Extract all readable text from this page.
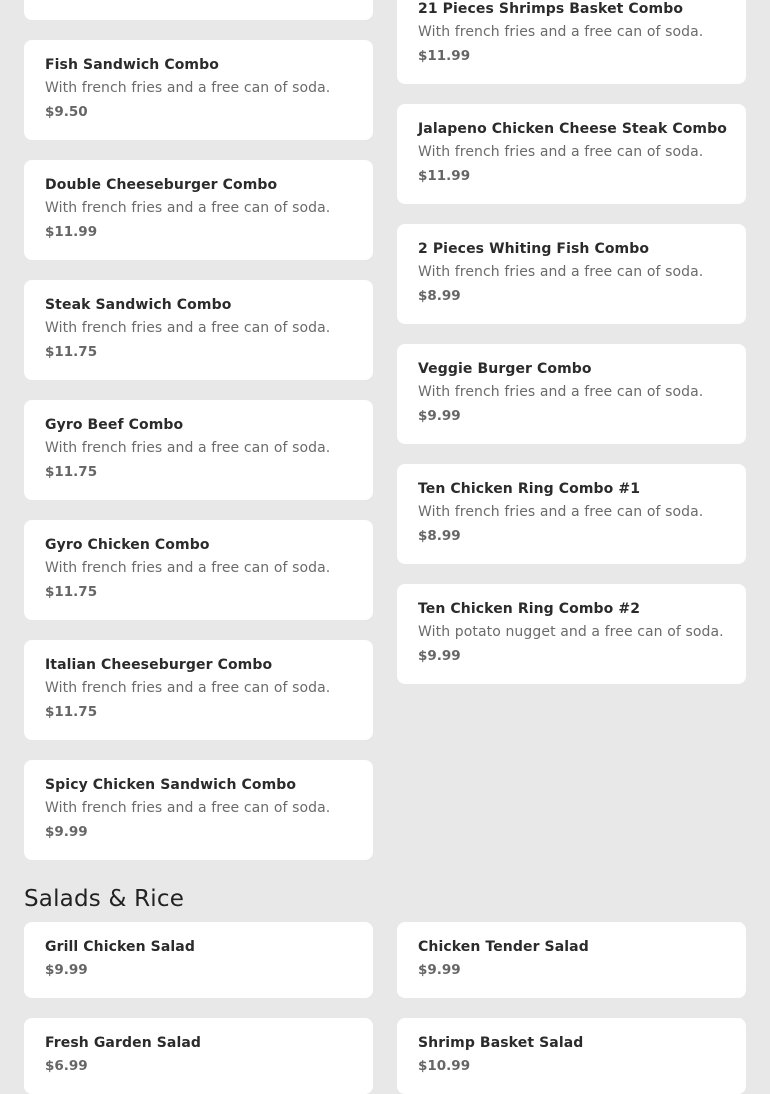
Fish Sandwich Combo
With french fries and a free can of soda.
$9.50
Double Cheeseburger Combo
With french fries and a free can of soda.
$11.99
Steak Sandwich Combo
With french fries and a free can of soda.
$11.75
Gyro Beef Combo
With french fries and a free can of soda.
$11.75
Gyro Chicken Combo
With french fries and a free can of soda.
$11.75
Italian Cheeseburger Combo
With french fries and a free can of soda.
$11.75
Spicy Chicken Sandwich Combo
With french fries and a free can of soda.
$9.99
21 Pieces Shrimps Basket Combo
With french fries and a free can of soda.
$11.99
Jalapeno Chicken Cheese Steak Combo
With french fries and a free can of soda.
$11.99
2 Pieces Whiting Fish Combo
With french fries and a free can of soda.
$8.99
Veggie Burger Combo
With french fries and a free can of soda.
$9.99
Ten Chicken Ring Combo #1
With french fries and a free can of soda.
$8.99
Ten Chicken Ring Combo #2
With potato nugget and a free can of soda.
$9.99
Salads & Rice
Grill Chicken Salad
$9.99
Chicken Tender Salad
$9.99
Fresh Garden Salad
$6.99
Shrimp Basket Salad
$10.99
